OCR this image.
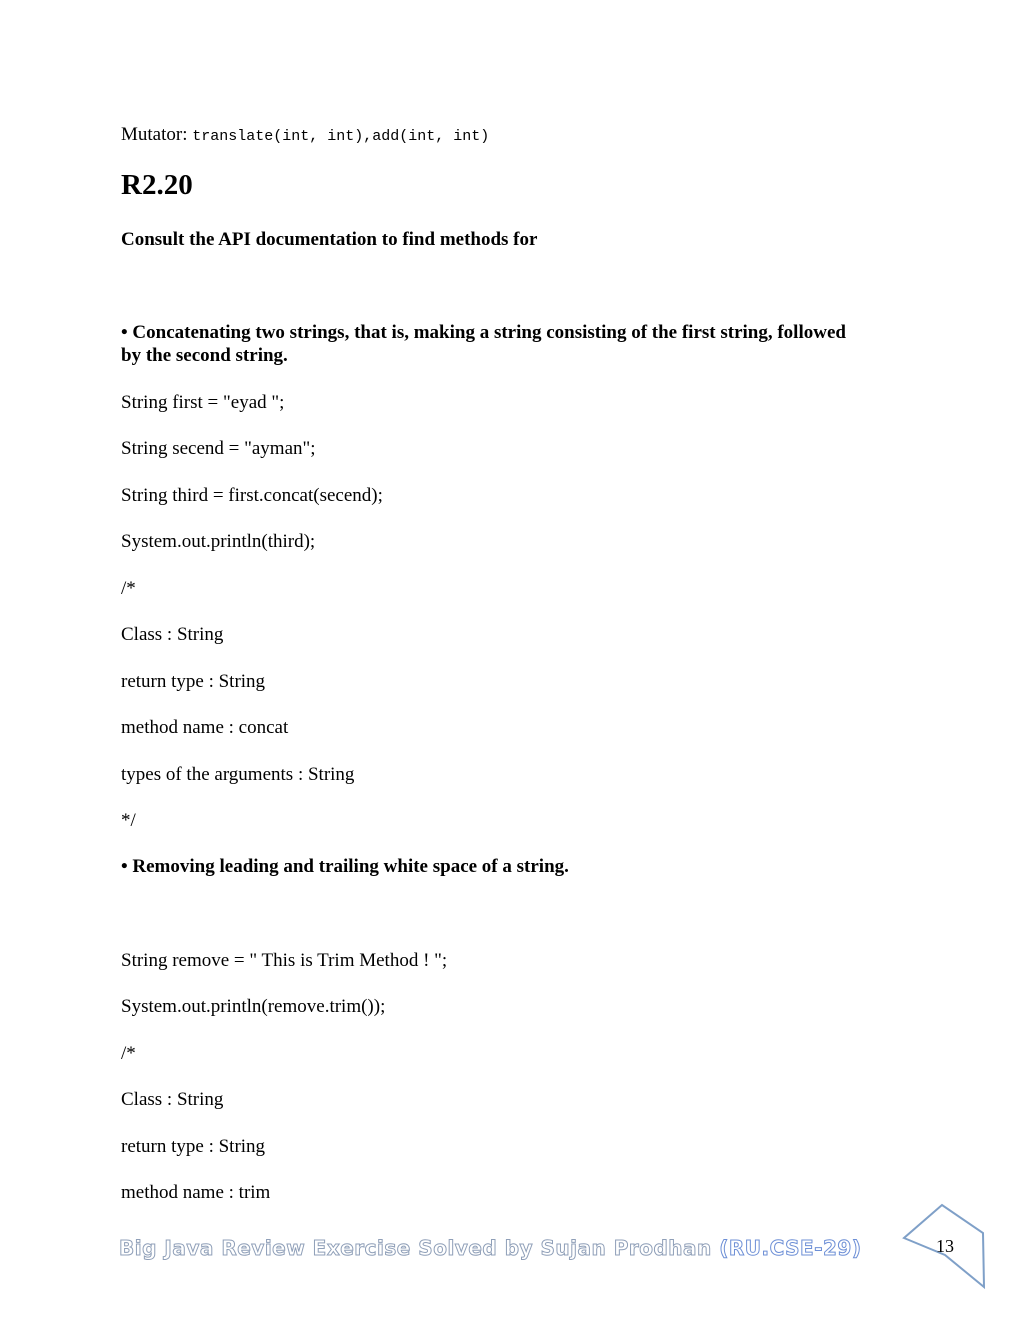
Mutator: translate(int, int),add(int, int)
R2.20
Consult the API documentation to find methods for
• Concatenating two strings, that is, making a string consisting of the first string, followed
by the second string.
String first = "eyad ";
String secend = "ayman";
String third = first.concat(secend);
System.out.println(third);
/*
Class : String
return type : String
method name : concat
types of the arguments : String
*/
• Removing leading and trailing white space of a string.
String remove = " This is Trim Method ! ";
System.out.println(remove.trim());
/*
Class : String
return type : String
method name : trim
Big Java Review Exercise Solved by Sujan Prodhan (RU.CSE-29)	13
